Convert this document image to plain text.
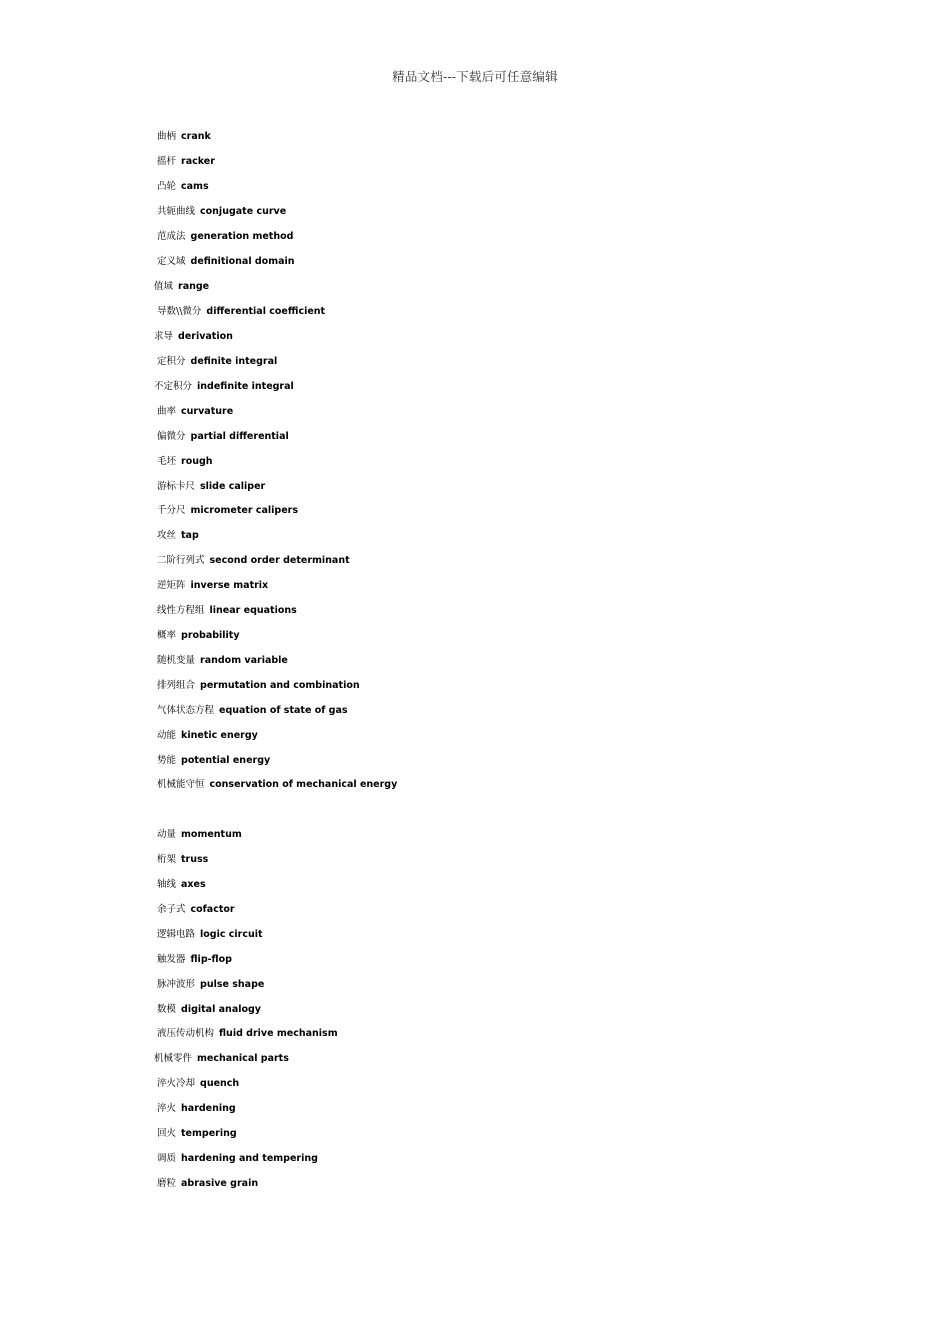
精品文档---下载后可任意编辑
曲柄 crank
摇杆 racker
凸轮 cams
共轭曲线 conjugate curve
范成法 generation method
定义域 definitional domain
值域 range
导数\\微分 differential coefficient
求导 derivation
定积分 definite integral
不定积分 indefinite integral
曲率 curvature
偏微分 partial differential
毛坯 rough
游标卡尺 slide caliper
千分尺 micrometer calipers
攻丝 tap
二阶行列式 second order determinant
逆矩阵 inverse matrix
线性方程组 linear equations
概率 probability
随机变量 random variable
排列组合 permutation and combination
气体状态方程 equation of state of gas
动能 kinetic energy
势能 potential energy
机械能守恒 conservation of mechanical energy
动量 momentum
桁架 truss
轴线 axes
余子式 cofactor
逻辑电路 logic circuit
触发器 flip-flop
脉冲波形 pulse shape
数模 digital analogy
液压传动机构 fluid drive mechanism
机械零件 mechanical parts
淬火冷却 quench
淬火 hardening
回火 tempering
调质 hardening and tempering
磨粒 abrasive grain
